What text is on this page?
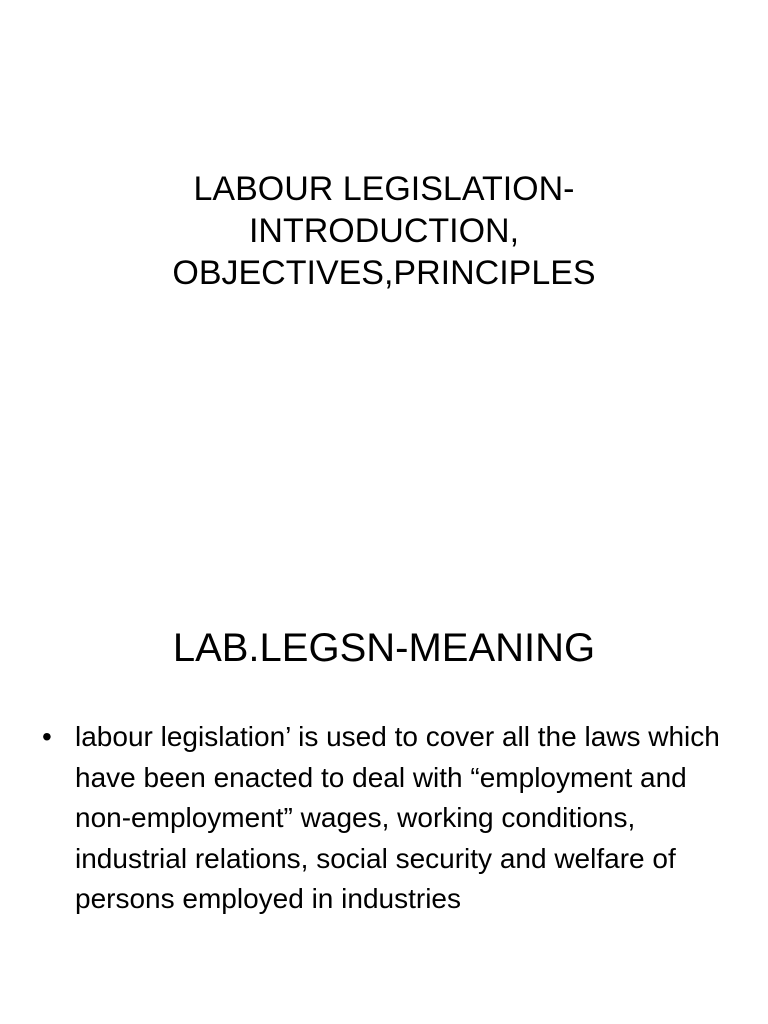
LABOUR LEGISLATION-
INTRODUCTION,
OBJECTIVES,PRINCIPLES
LAB.LEGSN-MEANING
• labour legislation’ is used to cover all the laws which have been enacted to deal with “employment and non-employment” wages, working conditions, industrial relations, social security and welfare of persons employed in industries
